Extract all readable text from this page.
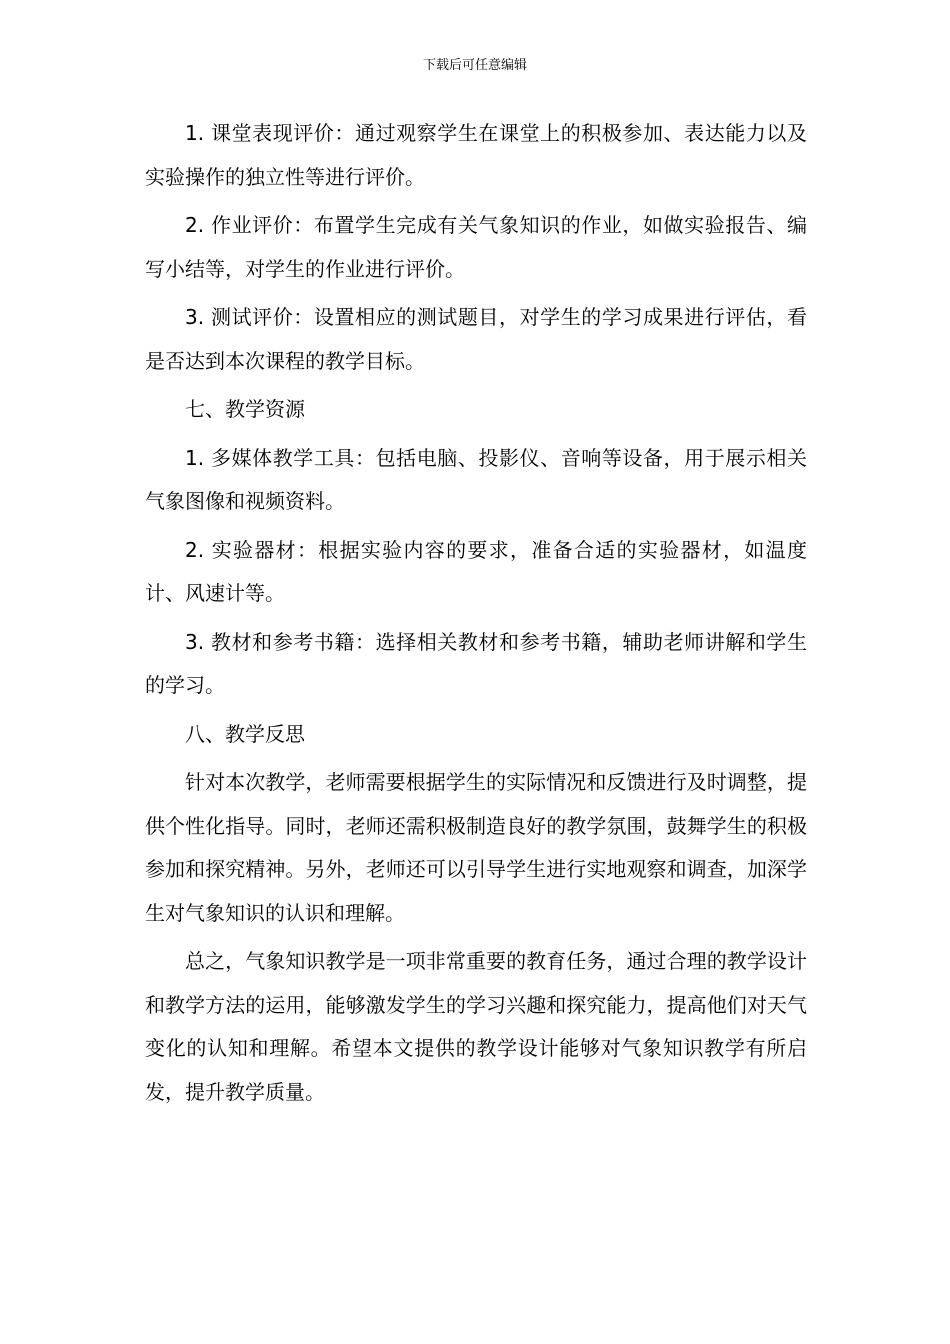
下载后可任意编辑

1. 课堂表现评价：通过观察学生在课堂上的积极参加、表达能力以及实验操作的独立性等进行评价。

2. 作业评价：布置学生完成有关气象知识的作业，如做实验报告、编写小结等，对学生的作业进行评价。

3. 测试评价：设置相应的测试题目，对学生的学习成果进行评估，看是否达到本次课程的教学目标。

七、教学资源

1. 多媒体教学工具：包括电脑、投影仪、音响等设备，用于展示相关气象图像和视频资料。

2. 实验器材：根据实验内容的要求，准备合适的实验器材，如温度计、风速计等。

3. 教材和参考书籍：选择相关教材和参考书籍，辅助老师讲解和学生的学习。

八、教学反思

针对本次教学，老师需要根据学生的实际情况和反馈进行及时调整，提供个性化指导。同时，老师还需积极制造良好的教学氛围，鼓舞学生的积极参加和探究精神。另外，老师还可以引导学生进行实地观察和调查，加深学生对气象知识的认识和理解。

总之，气象知识教学是一项非常重要的教育任务，通过合理的教学设计和教学方法的运用，能够激发学生的学习兴趣和探究能力，提高他们对天气变化的认知和理解。希望本文提供的教学设计能够对气象知识教学有所启发，提升教学质量。
